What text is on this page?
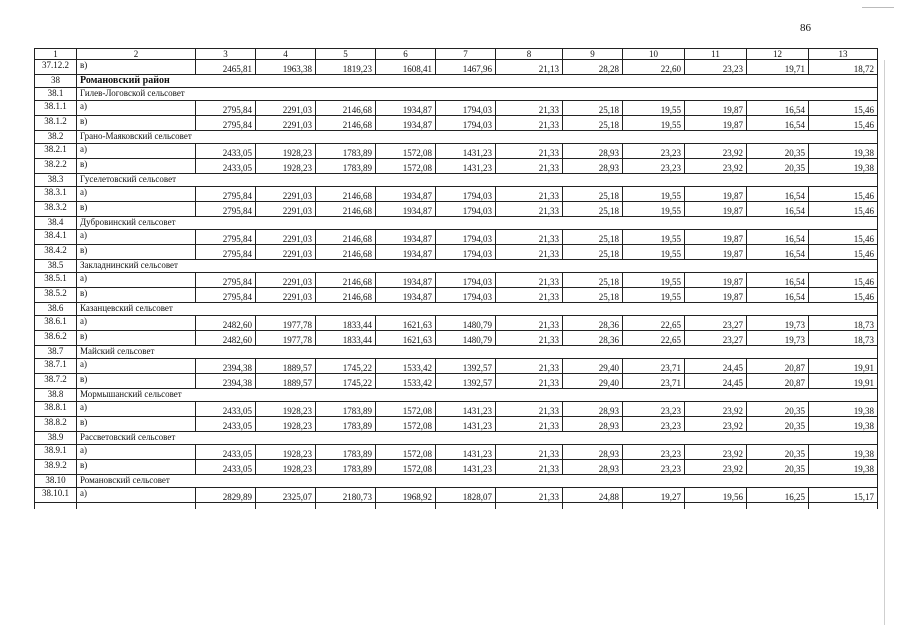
86
1	2	3	4	5	6	7	8	9	10	11	12	13
37.12.2	в)	2465,81	1963,38	1819,23	1608,41	1467,96	21,13	28,28	22,60	23,23	19,71	18,72
38	Романовский район											
38.1	Гилев-Логовской сельсовет											
38.1.1	а)	2795,84	2291,03	2146,68	1934,87	1794,03	21,33	25,18	19,55	19,87	16,54	15,46
38.1.2	в)	2795,84	2291,03	2146,68	1934,87	1794,03	21,33	25,18	19,55	19,87	16,54	15,46
38.2	Грано-Маяковский сельсовет											
38.2.1	а)	2433,05	1928,23	1783,89	1572,08	1431,23	21,33	28,93	23,23	23,92	20,35	19,38
38.2.2	в)	2433,05	1928,23	1783,89	1572,08	1431,23	21,33	28,93	23,23	23,92	20,35	19,38
38.3	Гуселетовский сельсовет											
38.3.1	а)	2795,84	2291,03	2146,68	1934,87	1794,03	21,33	25,18	19,55	19,87	16,54	15,46
38.3.2	в)	2795,84	2291,03	2146,68	1934,87	1794,03	21,33	25,18	19,55	19,87	16,54	15,46
38.4	Дубровинский сельсовет											
38.4.1	а)	2795,84	2291,03	2146,68	1934,87	1794,03	21,33	25,18	19,55	19,87	16,54	15,46
38.4.2	в)	2795,84	2291,03	2146,68	1934,87	1794,03	21,33	25,18	19,55	19,87	16,54	15,46
38.5	Закладнинский сельсовет											
38.5.1	а)	2795,84	2291,03	2146,68	1934,87	1794,03	21,33	25,18	19,55	19,87	16,54	15,46
38.5.2	в)	2795,84	2291,03	2146,68	1934,87	1794,03	21,33	25,18	19,55	19,87	16,54	15,46
38.6	Казанцевский сельсовет											
38.6.1	а)	2482,60	1977,78	1833,44	1621,63	1480,79	21,33	28,36	22,65	23,27	19,73	18,73
38.6.2	в)	2482,60	1977,78	1833,44	1621,63	1480,79	21,33	28,36	22,65	23,27	19,73	18,73
38.7	Майский сельсовет											
38.7.1	а)	2394,38	1889,57	1745,22	1533,42	1392,57	21,33	29,40	23,71	24,45	20,87	19,91
38.7.2	в)	2394,38	1889,57	1745,22	1533,42	1392,57	21,33	29,40	23,71	24,45	20,87	19,91
38.8	Мормышанский сельсовет											
38.8.1	а)	2433,05	1928,23	1783,89	1572,08	1431,23	21,33	28,93	23,23	23,92	20,35	19,38
38.8.2	в)	2433,05	1928,23	1783,89	1572,08	1431,23	21,33	28,93	23,23	23,92	20,35	19,38
38.9	Рассветовский сельсовет											
38.9.1	а)	2433,05	1928,23	1783,89	1572,08	1431,23	21,33	28,93	23,23	23,92	20,35	19,38
38.9.2	в)	2433,05	1928,23	1783,89	1572,08	1431,23	21,33	28,93	23,23	23,92	20,35	19,38
38.10	Романовский сельсовет											
38.10.1	а)	2829,89	2325,07	2180,73	1968,92	1828,07	21,33	24,88	19,27	19,56	16,25	15,17
